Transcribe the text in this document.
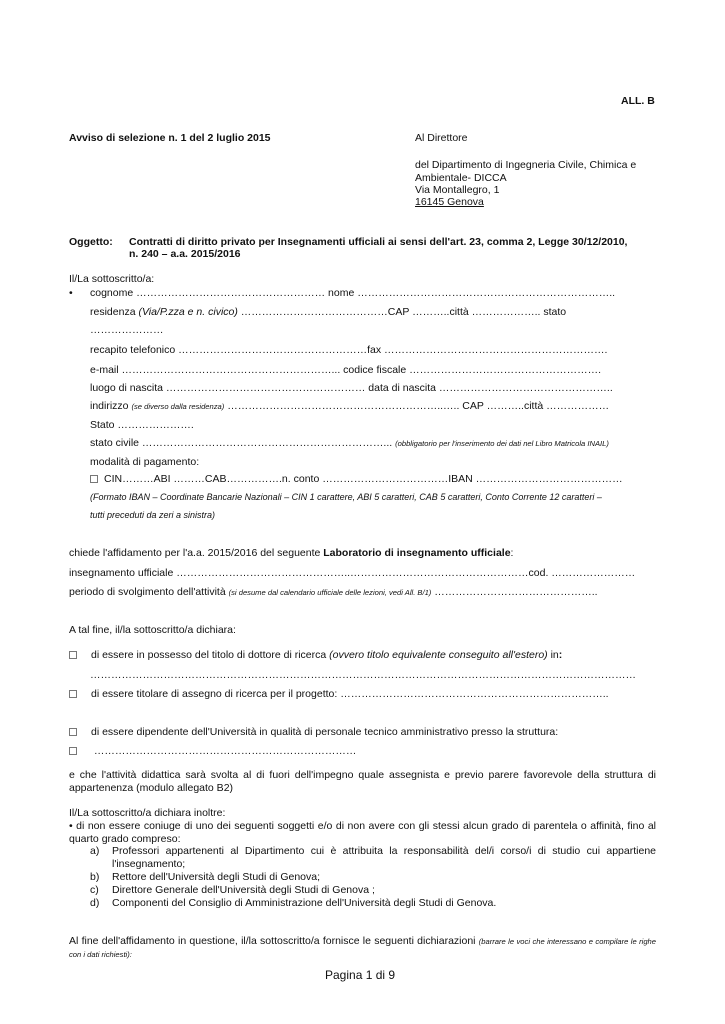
ALL. B
Avviso di selezione n. 1 del 2 luglio 2015	Al Direttore
del Dipartimento di Ingegneria Civile, Chimica e
Ambientale- DICCA
Via Montallegro, 1
16145 Genova
Oggetto: Contratti di diritto privato per Insegnamenti ufficiali ai sensi dell'art. 23, comma 2, Legge 30/12/2010,
n. 240 – a.a. 2015/2016
Il/La sottoscritto/a:
• cognome ……………………………………………… nome ………………………………………………………………..
residenza (Via/P.zza e n. civico) ……………………………………CAP ………..città ……………….. stato
…………………
recapito telefonico ………………………………………………fax ……………………………………………………….
e-mail ……………………………………………………... codice fiscale ……………………………………………….
luogo di nascita ………………………………………………… data di nascita …………………………………………..
indirizzo (se diverso dalla residenza) ……………………………………………………..….. CAP ………..città ………………
Stato ………………….
stato civile ……………………………………………………………... (obbligatorio per l'inserimento dei dati nel Libro Matricola INAIL)
modalità di pagamento:
CIN………ABI ………CAB…………….n. conto ………………………………IBAN ……………………………………
(Formato IBAN – Coordinate Bancarie Nazionali – CIN 1 carattere, ABI 5 caratteri, CAB 5 caratteri, Conto Corrente 12 caratteri –
tutti preceduti da zeri a sinistra)
chiede l'affidamento per l'a.a. 2015/2016 del seguente Laboratorio di insegnamento ufficiale:
insegnamento ufficiale …………………………………………..……………………………………………cod. ……………………
periodo di svolgimento dell'attività (si desume dal calendario ufficiale delle lezioni, vedi All. B/1) ………………………………………..
A tal fine, il/la sottoscritto/a dichiara:
di essere in possesso del titolo di dottore di ricerca (ovvero titolo equivalente conseguito all'estero) in:
…………………………………………………………………………………………………………………………………………
di essere titolare di assegno di ricerca per il progetto: …………………………………………………………………..
di essere dipendente dell'Università in qualità di personale tecnico amministrativo presso la struttura:
…………………………………………………………………
e che l'attività didattica sarà svolta al di fuori dell'impegno quale assegnista e previo parere favorevole della struttura di appartenenza (modulo allegato B2)
Il/La sottoscritto/a dichiara inoltre:
• di non essere coniuge di uno dei seguenti soggetti e/o di non avere con gli stessi alcun grado di parentela o affinità, fino al quarto grado compreso:
a)	Professori appartenenti al Dipartimento cui è attribuita la responsabilità del/i corso/i di studio cui appartiene l'insegnamento;
b)	Rettore dell'Università degli Studi di Genova;
c)	Direttore Generale dell'Università degli Studi di Genova ;
d)	Componenti del Consiglio di Amministrazione dell'Università degli Studi di Genova.
Al fine dell'affidamento in questione, il/la sottoscritto/a fornisce le seguenti dichiarazioni (barrare le voci che interessano e compilare le righe con i dati richiesti):
Pagina 1 di 9
